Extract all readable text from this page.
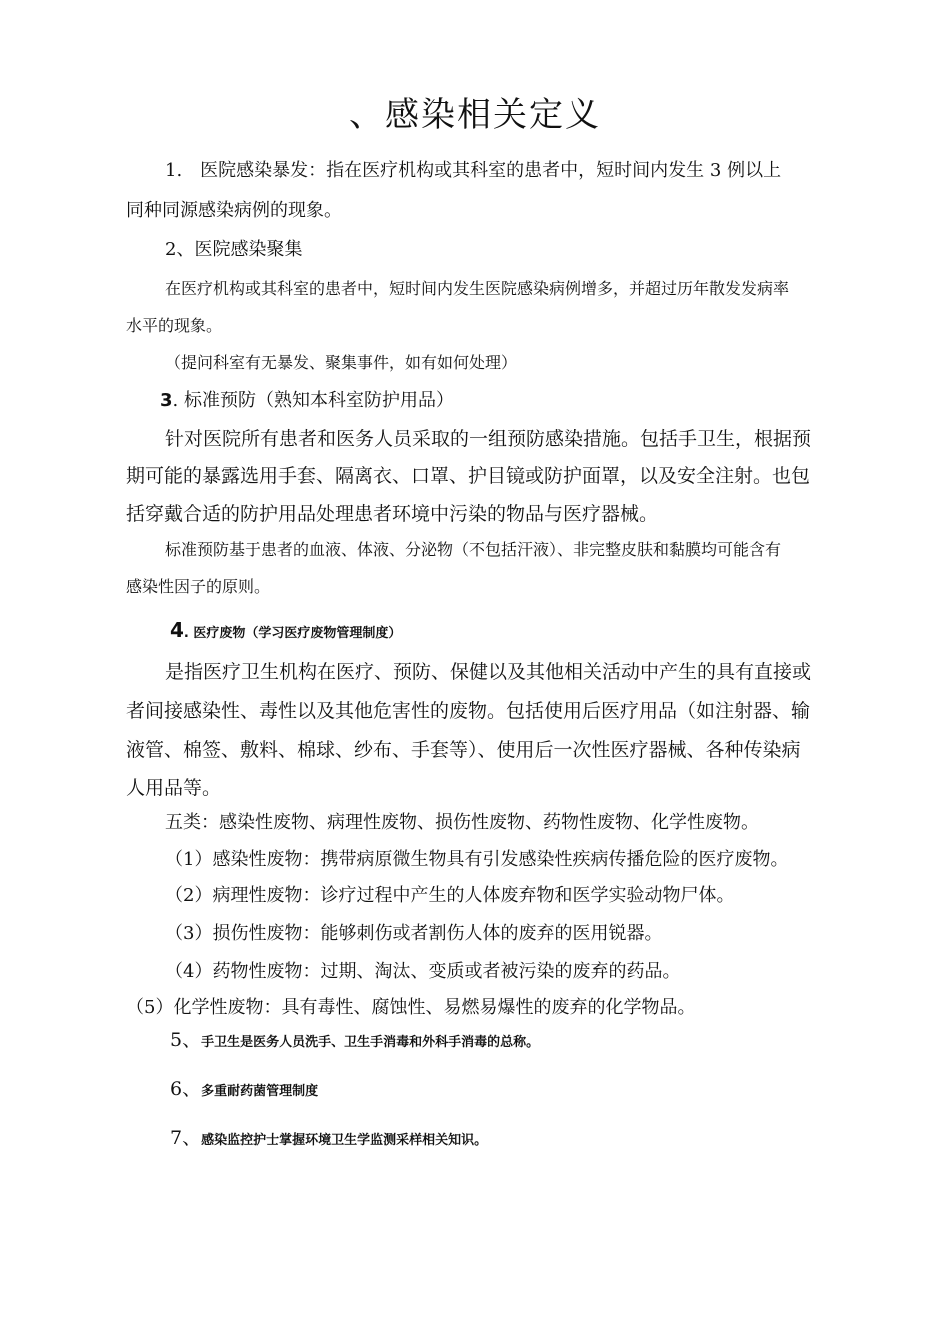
、感染相关定义
1.　医院感染暴发：指在医疗机构或其科室的患者中，短时间内发生 3 例以上
同种同源感染病例的现象。
2、医院感染聚集
在医疗机构或其科室的患者中，短时间内发生医院感染病例增多，并超过历年散发发病率
水平的现象。
（提问科室有无暴发、聚集事件，如有如何处理）
3. 标准预防（熟知本科室防护用品）
针对医院所有患者和医务人员采取的一组预防感染措施。包括手卫生，根据预
期可能的暴露选用手套、隔离衣、口罩、护目镜或防护面罩，以及安全注射。也包
括穿戴合适的防护用品处理患者环境中污染的物品与医疗器械。
标准预防基于患者的血液、体液、分泌物（不包括汗液）、非完整皮肤和黏膜均可能含有
感染性因子的原则。
4. 医疗废物（学习医疗废物管理制度）
是指医疗卫生机构在医疗、预防、保健以及其他相关活动中产生的具有直接或
者间接感染性、毒性以及其他危害性的废物。包括使用后医疗用品（如注射器、输
液管、棉签、敷料、棉球、纱布、手套等）、使用后一次性医疗器械、各种传染病
人用品等。
五类：感染性废物、病理性废物、损伤性废物、药物性废物、化学性废物。
（1）感染性废物：携带病原微生物具有引发感染性疾病传播危险的医疗废物。
（2）病理性废物：诊疗过程中产生的人体废弃物和医学实验动物尸体。
（3）损伤性废物：能够刺伤或者割伤人体的废弃的医用锐器。
（4）药物性废物：过期、淘汰、变质或者被污染的废弃的药品。
（5）化学性废物：具有毒性、腐蚀性、易燃易爆性的废弃的化学物品。
5、手卫生是医务人员洗手、卫生手消毒和外科手消毒的总称。
6、多重耐药菌管理制度
7、感染监控护士掌握环境卫生学监测采样相关知识。
